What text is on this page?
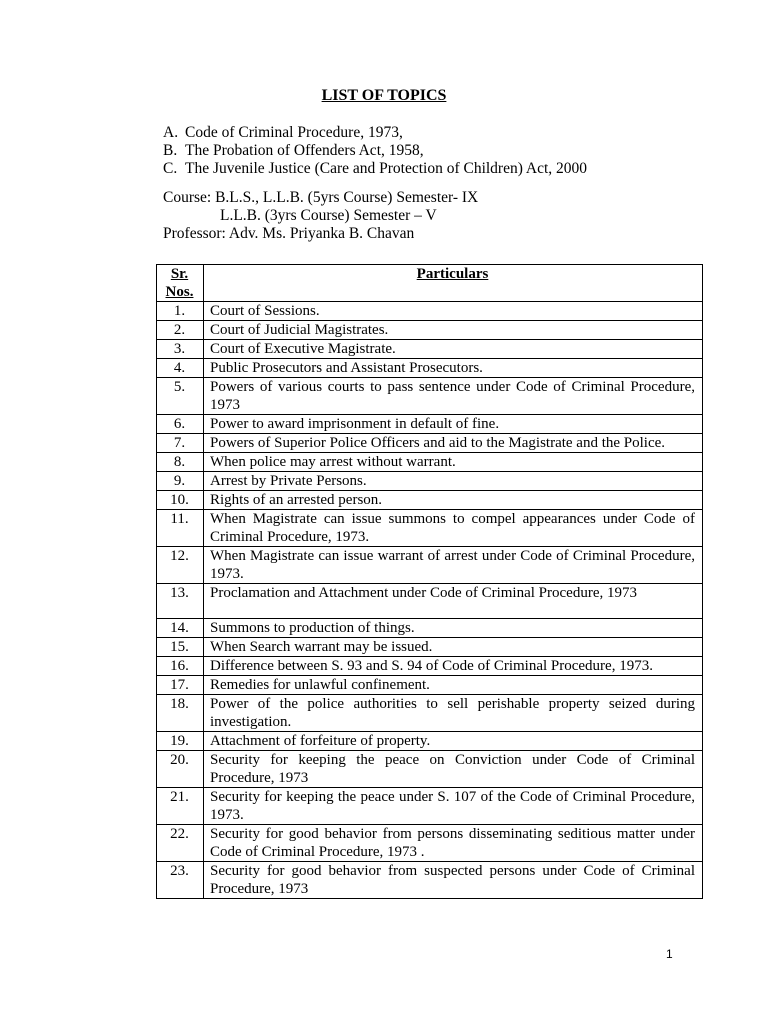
LIST OF TOPICS
A. Code of Criminal Procedure, 1973,
B. The Probation of Offenders Act, 1958,
C. The Juvenile Justice (Care and Protection of Children) Act, 2000
Course: B.L.S., L.L.B. (5yrs Course) Semester- IX
L.L.B. (3yrs Course) Semester – V
Professor: Adv. Ms. Priyanka B. Chavan
Sr. Nos.	Particulars
1.	Court of Sessions.
2.	Court of Judicial Magistrates.
3.	Court of Executive Magistrate.
4.	Public Prosecutors and Assistant Prosecutors.
5.	Powers of various courts to pass sentence under Code of Criminal Procedure, 1973
6.	Power to award imprisonment in default of fine.
7.	Powers of Superior Police Officers and aid to the Magistrate and the Police.
8.	When police may arrest without warrant.
9.	Arrest by Private Persons.
10.	Rights of an arrested person.
11.	When Magistrate can issue summons to compel appearances under Code of Criminal Procedure, 1973.
12.	When Magistrate can issue warrant of arrest under Code of Criminal Procedure, 1973.
13.	Proclamation and Attachment under Code of Criminal Procedure, 1973
14.	Summons to production of things.
15.	When Search warrant may be issued.
16.	Difference between S. 93 and S. 94 of Code of Criminal Procedure, 1973.
17.	Remedies for unlawful confinement.
18.	Power of the police authorities to sell perishable property seized during investigation.
19.	Attachment of forfeiture of property.
20.	Security for keeping the peace on Conviction under Code of Criminal Procedure, 1973
21.	Security for keeping the peace under S. 107 of the Code of Criminal Procedure, 1973.
22.	Security for good behavior from persons disseminating seditious matter under Code of Criminal Procedure, 1973 .
23.	Security for good behavior from suspected persons under Code of Criminal Procedure, 1973
1
